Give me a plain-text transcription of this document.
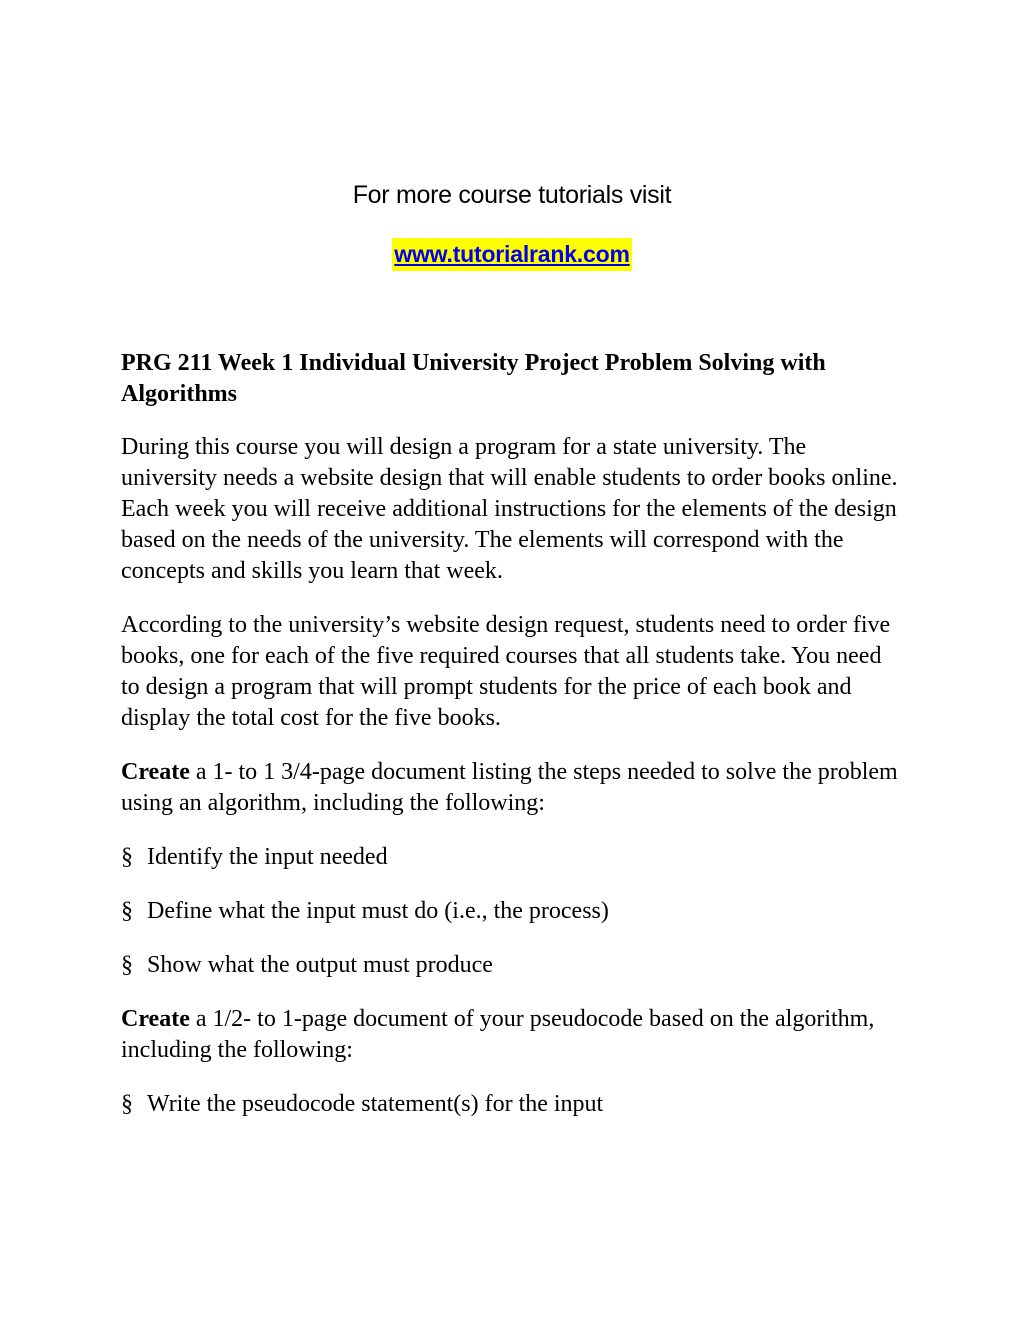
For more course tutorials visit
www.tutorialrank.com
PRG 211 Week 1 Individual University Project Problem Solving with Algorithms
During this course you will design a program for a state university. The university needs a website design that will enable students to order books online. Each week you will receive additional instructions for the elements of the design based on the needs of the university. The elements will correspond with the concepts and skills you learn that week.
According to the university’s website design request, students need to order five books, one for each of the five required courses that all students take. You need to design a program that will prompt students for the price of each book and display the total cost for the five books.
Create a 1- to 1 3/4-page document listing the steps needed to solve the problem using an algorithm, including the following:
§ Identify the input needed
§ Define what the input must do (i.e., the process)
§ Show what the output must produce
Create a 1/2- to 1-page document of your pseudocode based on the algorithm, including the following:
§ Write the pseudocode statement(s) for the input
